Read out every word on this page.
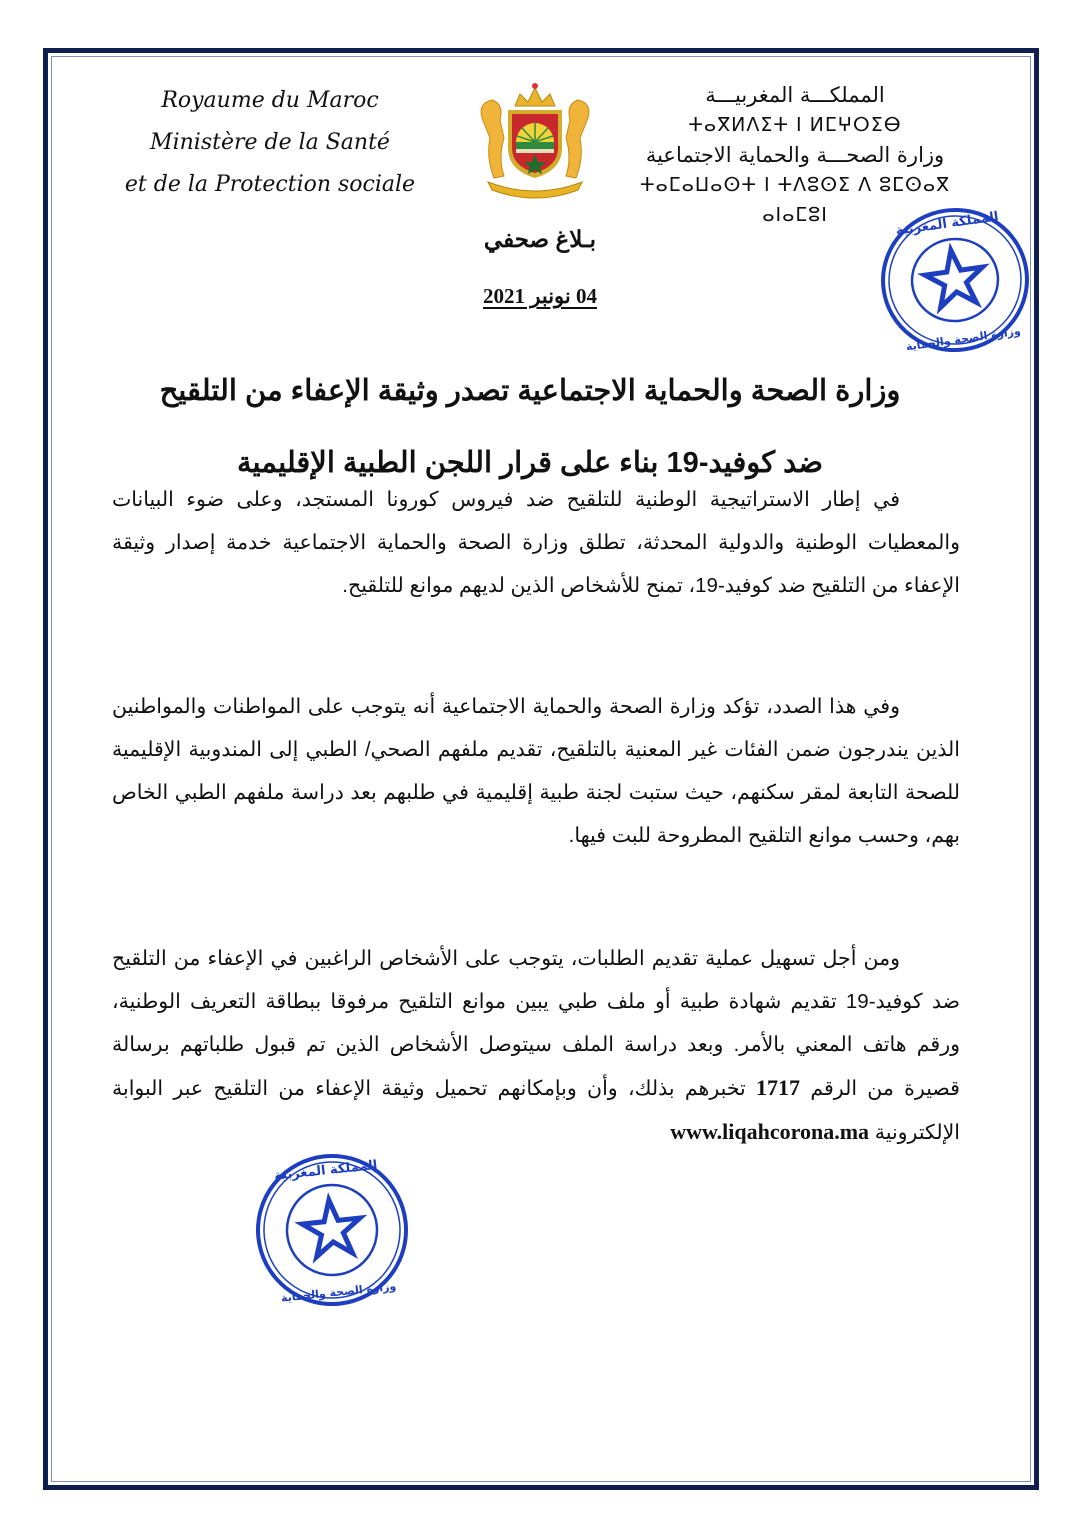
Royaume du Maroc
Ministère de la Santé
et de la Protection sociale
المملكـــة المغربيـــة
ⵜⴰⴳⵍⴷⵉⵜ ⵏ ⵍⵎⵖⵔⵉⴱ
وزارة الصحـــة والحماية الاجتماعية
ⵜⴰⵎⴰⵡⴰⵙⵜ ⵏ ⵜⴷⵓⵙⵉ ⴷ ⵓⵎⵙⴰⴳ ⴰⵏⴰⵎⵓⵏ	المملكة المغربية
وزارة الصحة والحماية
بـلاغ صحفي
04 نونبر 2021
وزارة الصحة والحماية الاجتماعية تصدر وثيقة الإعفاء من التلقيح
ضد كوفيد-19 بناء على قرار اللجن الطبية الإقليمية

في إطار الاستراتيجية الوطنية للتلقيح ضد فيروس كورونا المستجد، وعلى ضوء البيانات والمعطيات الوطنية والدولية المحدثة، تطلق وزارة الصحة والحماية الاجتماعية خدمة إصدار وثيقة الإعفاء من التلقيح ضد كوفيد-19، تمنح للأشخاص الذين لديهم موانع للتلقيح.

وفي هذا الصدد، تؤكد وزارة الصحة والحماية الاجتماعية أنه يتوجب على المواطنات والمواطنين الذين يندرجون ضمن الفئات غير المعنية بالتلقيح، تقديم ملفهم الصحي/ الطبي إلى المندوبية الإقليمية للصحة التابعة لمقر سكنهم، حيث ستبت لجنة طبية إقليمية في طلبهم بعد دراسة ملفهم الطبي الخاص بهم، وحسب موانع التلقيح المطروحة للبت فيها.

ومن أجل تسهيل عملية تقديم الطلبات، يتوجب على الأشخاص الراغبين في الإعفاء من التلقيح ضد كوفيد-19 تقديم شهادة طبية أو ملف طبي يبين موانع التلقيح مرفوقا ببطاقة التعريف الوطنية، ورقم هاتف المعني بالأمر. وبعد دراسة الملف سيتوصل الأشخاص الذين تم قبول طلباتهم برسالة قصيرة من الرقم 1717 تخبرهم بذلك، وأن وبإمكانهم تحميل وثيقة الإعفاء من التلقيح عبر البوابة الإلكترونية www.liqahcorona.ma

المملكة المغربية
وزارة الصحة والحماية
